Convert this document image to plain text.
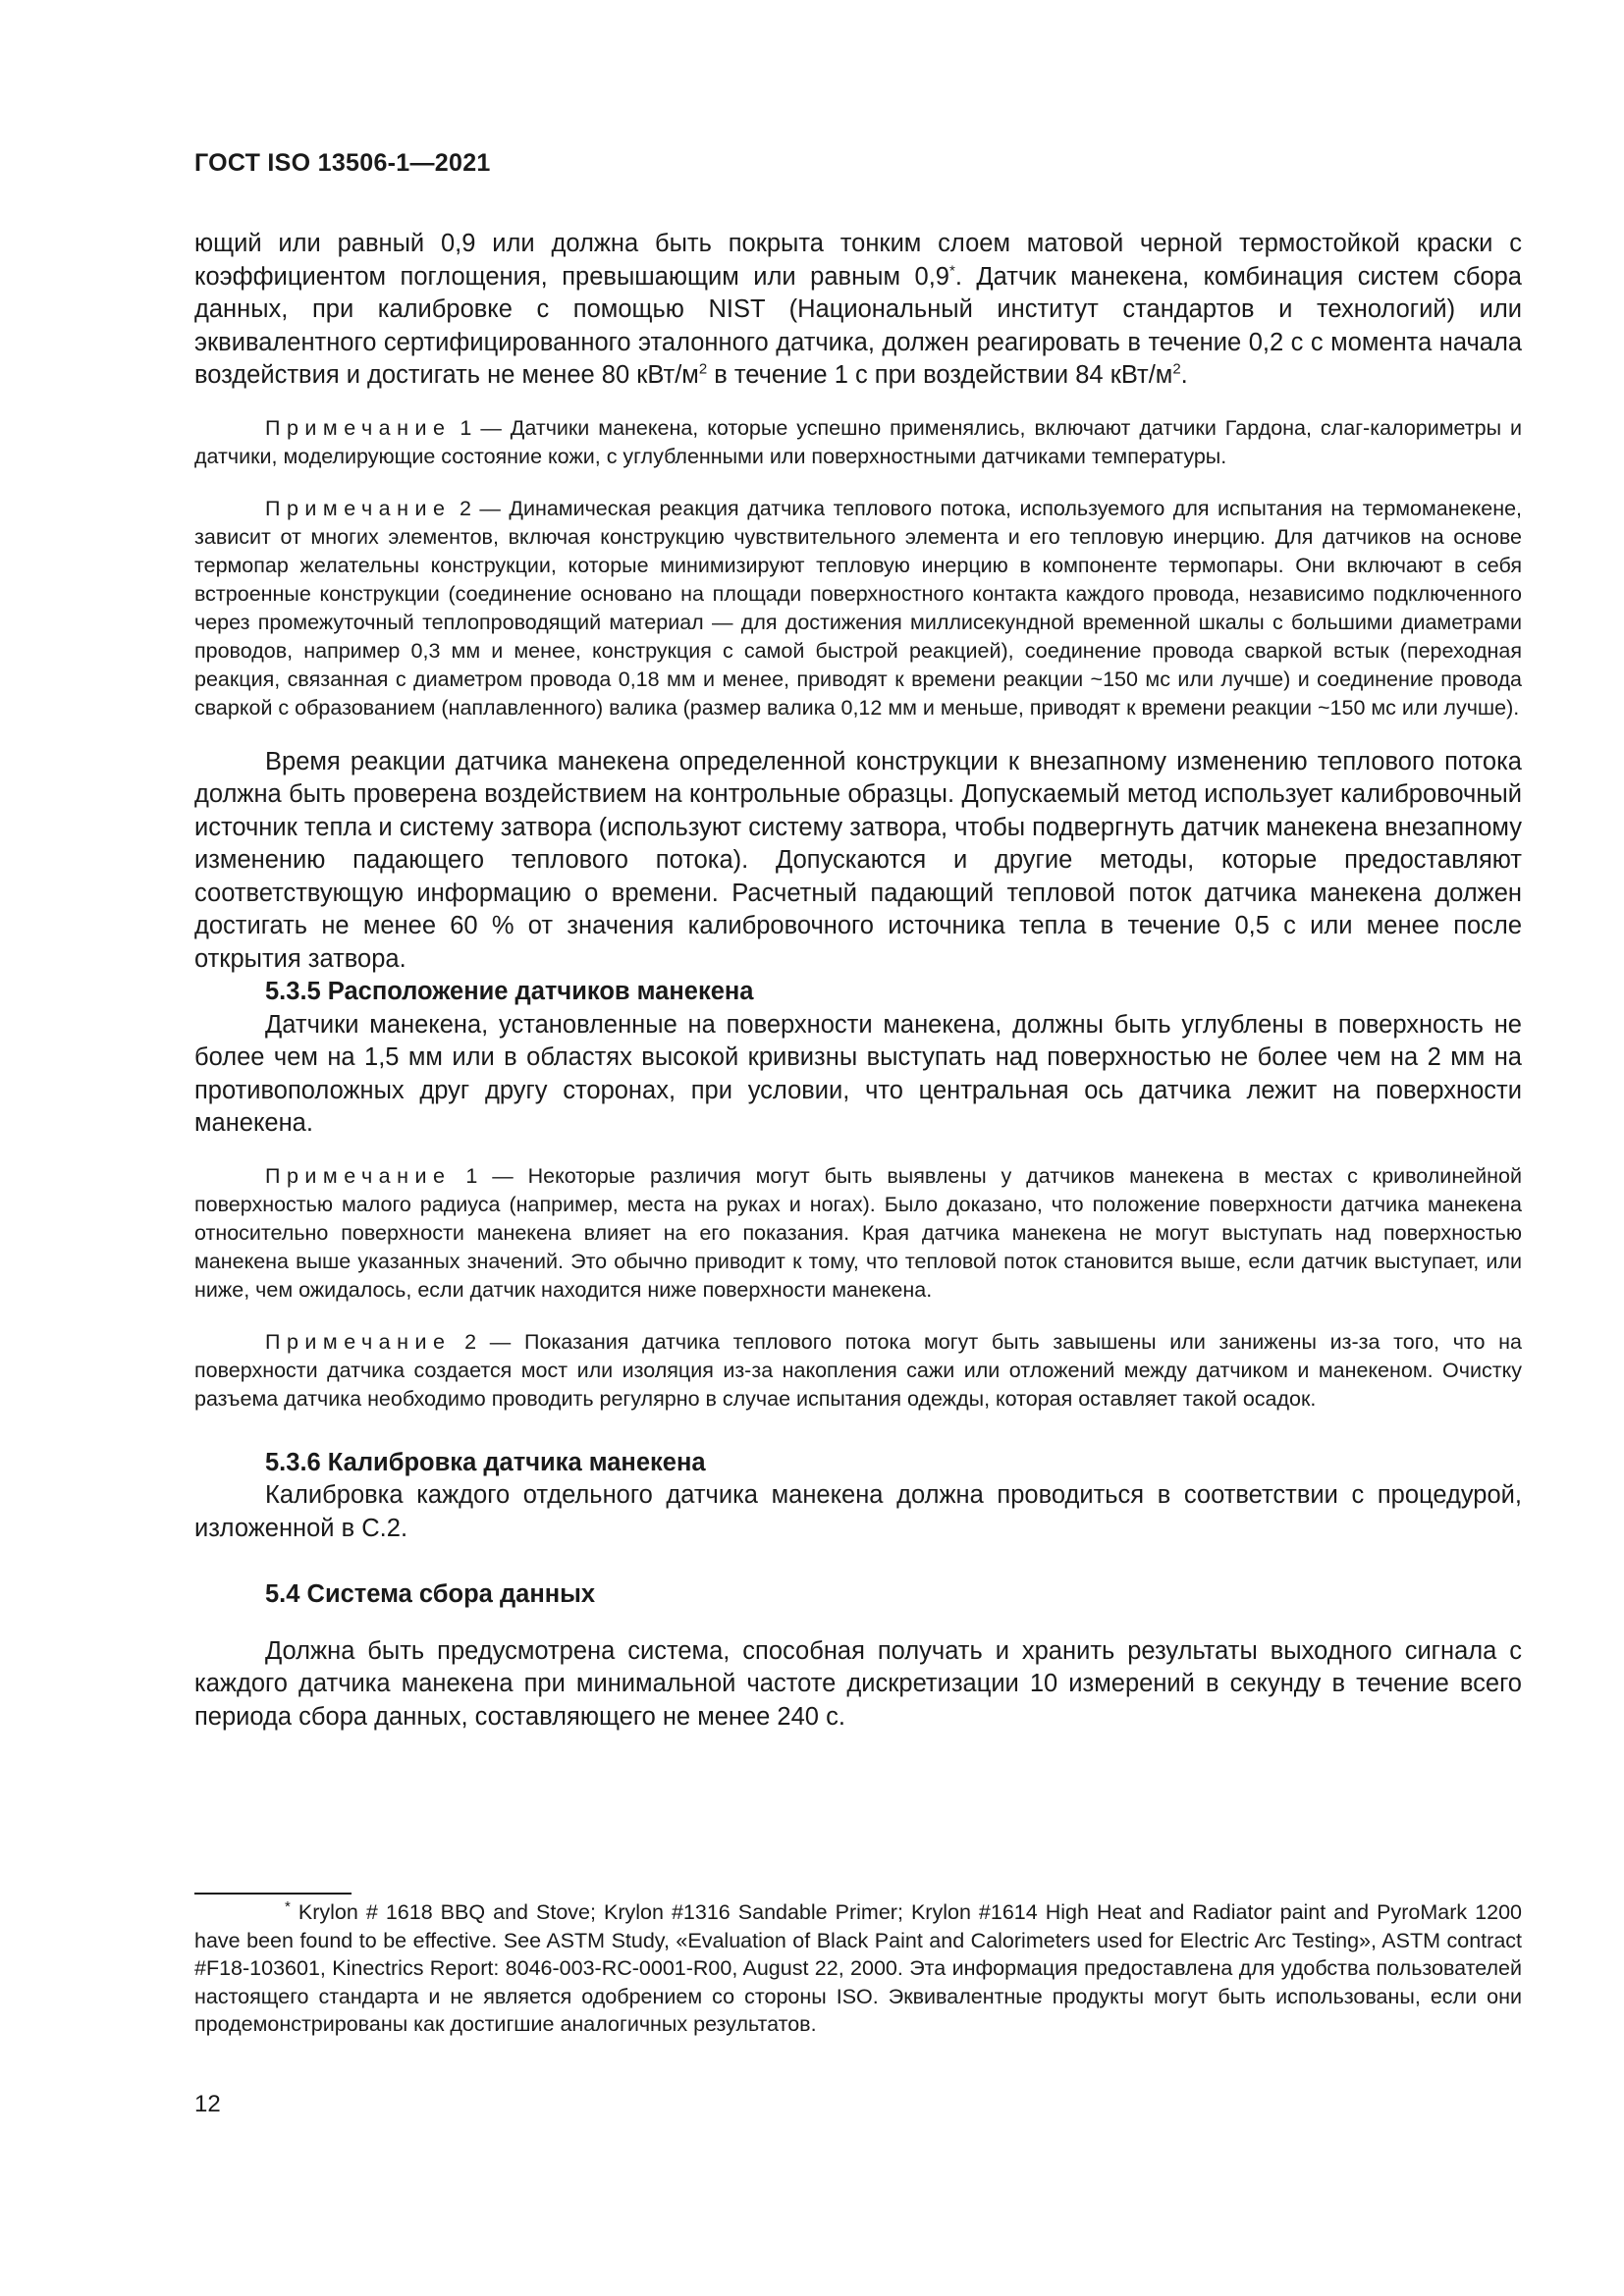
ГОСТ ISO 13506-1—2021

ющий или равный 0,9 или должна быть покрыта тонким слоем матовой черной термостойкой краски с коэффициентом поглощения, превышающим или равным 0,9*. Датчик манекена, комбинация систем сбора данных, при калибровке с помощью NIST (Национальный институт стандартов и технологий) или эквивалентного сертифицированного эталонного датчика, должен реагировать в течение 0,2 с с момента начала воздействия и достигать не менее 80 кВт/$м^2$ в течение 1 с при воздействии 84 кВт/$м^2$.

Примечание 1 — Датчики манекена, которые успешно применялись, включают датчики Гардона, слаг-калориметры и датчики, моделирующие состояние кожи, с углубленными или поверхностными датчиками температуры.

Примечание 2 — Динамическая реакция датчика теплового потока, используемого для испытания на термоманекене, зависит от многих элементов, включая конструкцию чувствительного элемента и его тепловую инерцию. Для датчиков на основе термопар желательны конструкции, которые минимизируют тепловую инерцию в компоненте термопары. Они включают в себя встроенные конструкции (соединение основано на площади поверхностного контакта каждого провода, независимо подключенного через промежуточный теплопроводящий материал — для достижения миллисекундной временной шкалы с большими диаметрами проводов, например 0,3 мм и менее, конструкция с самой быстрой реакцией), соединение провода сваркой встык (переходная реакция, связанная с диаметром провода 0,18 мм и менее, приводят к времени реакции ~150 мс или лучше) и соединение провода сваркой с образованием (наплавленного) валика (размер валика 0,12 мм и меньше, приводят к времени реакции ~150 мс или лучше).

Время реакции датчика манекена определенной конструкции к внезапному изменению теплового потока должна быть проверена воздействием на контрольные образцы. Допускаемый метод использует калибровочный источник тепла и систему затвора (используют систему затвора, чтобы подвергнуть датчик манекена внезапному изменению падающего теплового потока). Допускаются и другие методы, которые предоставляют соответствующую информацию о времени. Расчетный падающий тепловой поток датчика манекена должен достигать не менее 60 % от значения калибровочного источника тепла в течение 0,5 с или менее после открытия затвора.

5.3.5 Расположение датчиков манекена

Датчики манекена, установленные на поверхности манекена, должны быть углублены в поверхность не более чем на 1,5 мм или в областях высокой кривизны выступать над поверхностью не более чем на 2 мм на противоположных друг другу сторонах, при условии, что центральная ось датчика лежит на поверхности манекена.

Примечание 1 — Некоторые различия могут быть выявлены у датчиков манекена в местах с криволинейной поверхностью малого радиуса (например, места на руках и ногах). Было доказано, что положение поверхности датчика манекена относительно поверхности манекена влияет на его показания. Края датчика манекена не могут выступать над поверхностью манекена выше указанных значений. Это обычно приводит к тому, что тепловой поток становится выше, если датчик выступает, или ниже, чем ожидалось, если датчик находится ниже поверхности манекена.

Примечание 2 — Показания датчика теплового потока могут быть завышены или занижены из-за того, что на поверхности датчика создается мост или изоляция из-за накопления сажи или отложений между датчиком и манекеном. Очистку разъема датчика необходимо проводить регулярно в случае испытания одежды, которая оставляет такой осадок.

5.3.6 Калибровка датчика манекена

Калибровка каждого отдельного датчика манекена должна проводиться в соответствии с процедурой, изложенной в С.2.

5.4 Система сбора данных

Должна быть предусмотрена система, способная получать и хранить результаты выходного сигнала с каждого датчика манекена при минимальной частоте дискретизации 10 измерений в секунду в течение всего периода сбора данных, составляющего не менее 240 с.

* Krylon # 1618 BBQ and Stove; Krylon #1316 Sandable Primer; Krylon #1614 High Heat and Radiator paint and PyroMark 1200 have been found to be effective. See ASTM Study, «Evaluation of Black Paint and Calorimeters used for Electric Arc Testing», ASTM contract #F18-103601, Kinectrics Report: 8046-003-RC-0001-R00, August 22, 2000. Эта информация предоставлена для удобства пользователей настоящего стандарта и не является одобрением со стороны ISO. Эквивалентные продукты могут быть использованы, если они продемонстрированы как достигшие аналогичных результатов.

12
